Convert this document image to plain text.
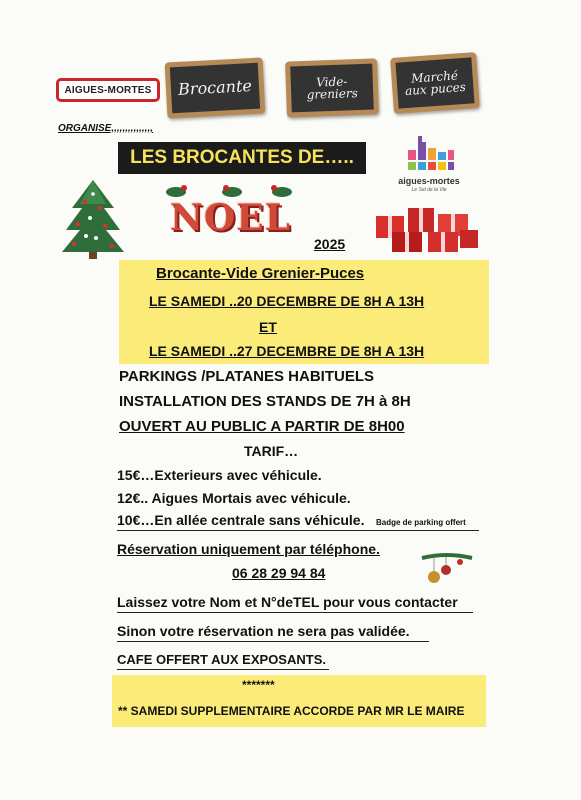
AIGUES-MORTES	Brocante	Vide-
greniers
Marché
aux puces
ORGANISE,,,,,,,,,,,,,,,
LES BROCANTES DE…..
aigues-mortes
Le Sel de la Vie
NOEL
2025
Brocante-Vide Grenier-Puces
LE SAMEDI ..20 DECEMBRE DE 8H A 13H
ET
LE SAMEDI ..27 DECEMBRE DE 8H A 13H
PARKINGS /PLATANES HABITUELS
INSTALLATION DES STANDS DE 7H à 8H
OUVERT AU PUBLIC A PARTIR DE 8H00
TARIF…
15€…Exterieurs avec véhicule.
12€.. Aigues Mortais avec véhicule.
10€…En allée centrale sans véhicule. Badge de parking offert
Réservation uniquement par téléphone.
06 28 29 94 84
Laissez votre Nom et N°deTEL pour vous contacter
Sinon votre réservation ne sera pas validée.
CAFE OFFERT AUX EXPOSANTS.
*******
** SAMEDI SUPPLEMENTAIRE ACCORDE PAR MR LE MAIRE
